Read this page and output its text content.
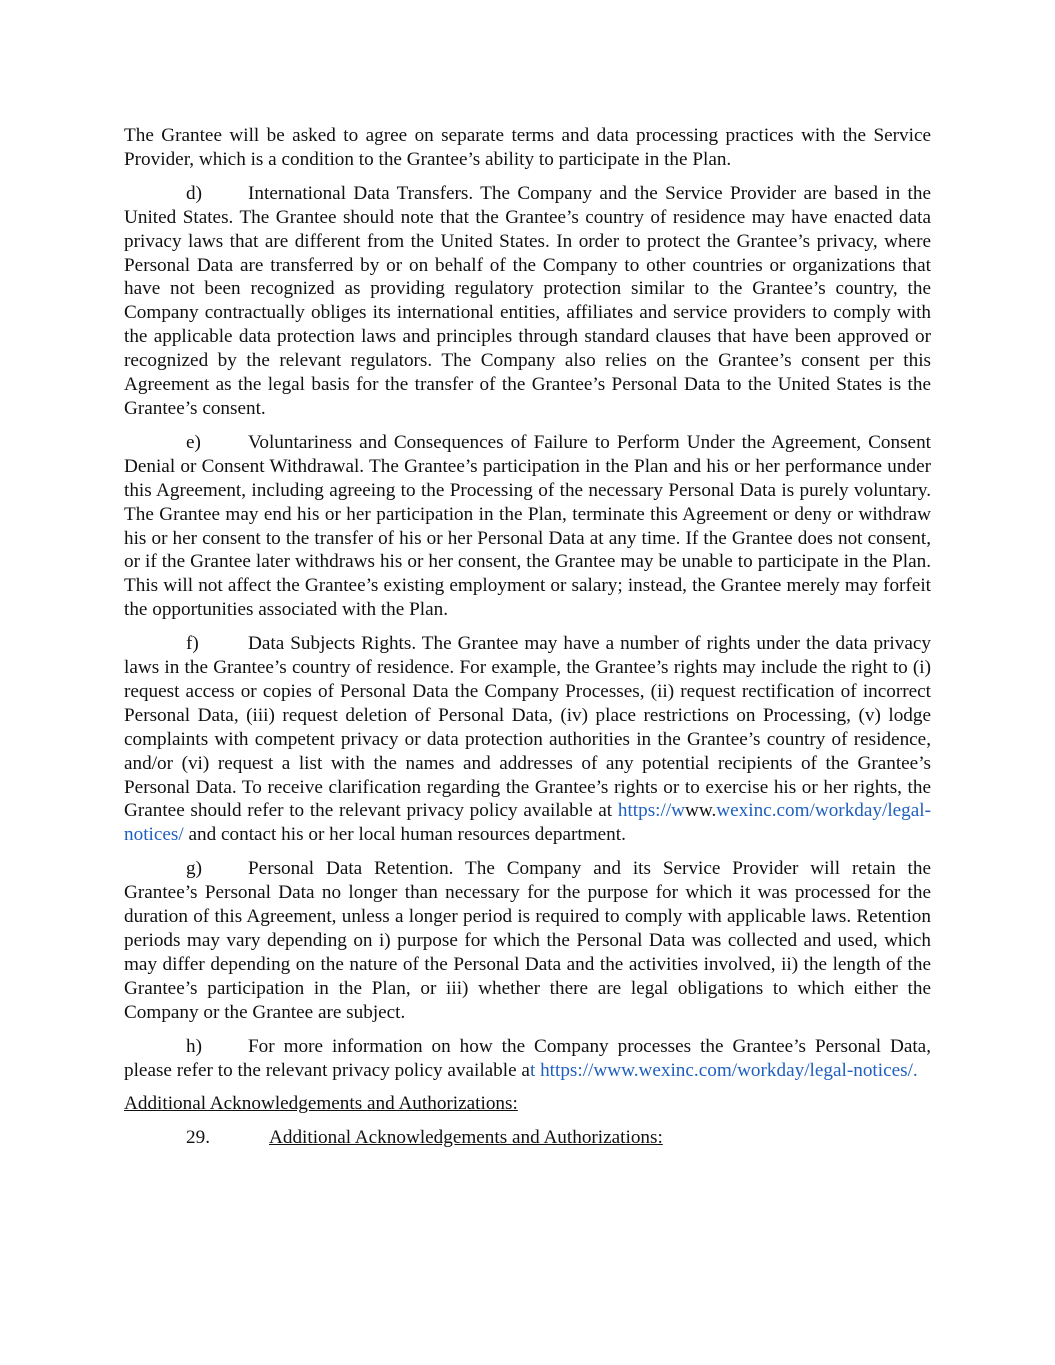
The Grantee will be asked to agree on separate terms and data processing practices with the Service Provider, which is a condition to the Grantee’s ability to participate in the Plan.

d) International Data Transfers. The Company and the Service Provider are based in the United States. The Grantee should note that the Grantee’s country of residence may have enacted data privacy laws that are different from the United States. In order to protect the Grantee’s privacy, where Personal Data are transferred by or on behalf of the Company to other countries or organizations that have not been recognized as providing regulatory protection similar to the Grantee’s country, the Company contractually obliges its international entities, affiliates and service providers to comply with the applicable data protection laws and principles through standard clauses that have been approved or recognized by the relevant regulators. The Company also relies on the Grantee’s consent per this Agreement as the legal basis for the transfer of the Grantee’s Personal Data to the United States is the Grantee’s consent.

e) Voluntariness and Consequences of Failure to Perform Under the Agreement, Consent Denial or Consent Withdrawal. The Grantee’s participation in the Plan and his or her performance under this Agreement, including agreeing to the Processing of the necessary Personal Data is purely voluntary. The Grantee may end his or her participation in the Plan, terminate this Agreement or deny or withdraw his or her consent to the transfer of his or her Personal Data at any time. If the Grantee does not consent, or if the Grantee later withdraws his or her consent, the Grantee may be unable to participate in the Plan. This will not affect the Grantee’s existing employment or salary; instead, the Grantee merely may forfeit the opportunities associated with the Plan.

f)	Data Subjects Rights. The Grantee may have a number of rights under the data privacy laws in the Grantee’s country of residence. For example, the Grantee’s rights may include the right to (i) request access or copies of Personal Data the Company Processes, (ii) request rectification of incorrect Personal Data, (iii) request deletion of Personal Data, (iv) place restrictions on Processing, (v) lodge complaints with competent privacy or data protection authorities in the Grantee’s country of residence, and/or (vi) request a list with the names and addresses of any potential recipients of the Grantee’s Personal Data. To receive clarification regarding the Grantee’s rights or to exercise his or her rights, the Grantee should refer to the relevant privacy policy available at https://www.wexinc.com/workday/legal-notices/ and contact his or her local human resources department.

g) Personal Data Retention. The Company and its Service Provider will retain the Grantee’s Personal Data no longer than necessary for the purpose for which it was processed for the duration of this Agreement, unless a longer period is required to comply with applicable laws. Retention periods may vary depending on i) purpose for which the Personal Data was collected and used, which may differ depending on the nature of the Personal Data and the activities involved, ii) the length of the Grantee’s participation in the Plan, or iii) whether there are legal obligations to which either the Company or the Grantee are subject.

h) For more information on how the Company processes the Grantee’s Personal Data, please refer to the relevant privacy policy available at https://www.wexinc.com/workday/legal-notices/.

Additional Acknowledgements and Authorizations:

29.	Additional Acknowledgements and Authorizations:
